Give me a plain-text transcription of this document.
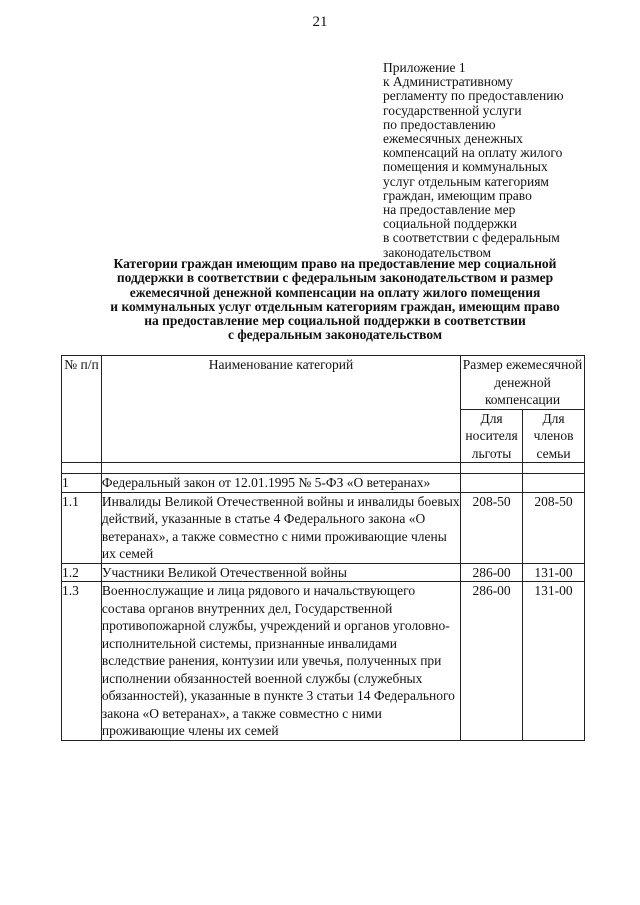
21
Приложение 1
к Административному
регламенту по предоставлению
государственной услуги
по предоставлению
ежемесячных денежных
компенсаций на оплату жилого
помещения и коммунальных
услуг отдельным категориям
граждан, имеющим право
на предоставление мер
социальной поддержки
в соответствии с федеральным
законодательством
Категории граждан имеющим право на предоставление мер социальной
поддержки в соответствии с федеральным законодательством и размер
ежемесячной денежной компенсации на оплату жилого помещения
и коммунальных услуг отдельным категориям граждан, имеющим право
на предоставление мер социальной поддержки в соответствии
с федеральным законодательством
№ п/п	Наименование категорий	Размер ежемесячной денежной компенсации	
		Для носителя льготы	Для членов семьи

1	Федеральный закон от 12.01.1995 № 5-ФЗ «О ветеранах»		
1.1	Инвалиды Великой Отечественной войны и инвалиды боевых действий, указанные в статье 4 Федерального закона «О ветеранах», а также совместно с ними проживающие члены их семей	208-50	208-50
1.2	Участники Великой Отечественной войны	286-00	131-00
1.3	Военнослужащие и лица рядового и начальствующего состава органов внутренних дел, Государственной противопожарной службы, учреждений и органов уголовно-исполнительной системы, признанные инвалидами вследствие ранения, контузии или увечья, полученных при исполнении обязанностей военной службы (служебных обязанностей), указанные в пункте 3 статьи 14 Федерального закона «О ветеранах», а также совместно с ними проживающие члены их семей	286-00	131-00
